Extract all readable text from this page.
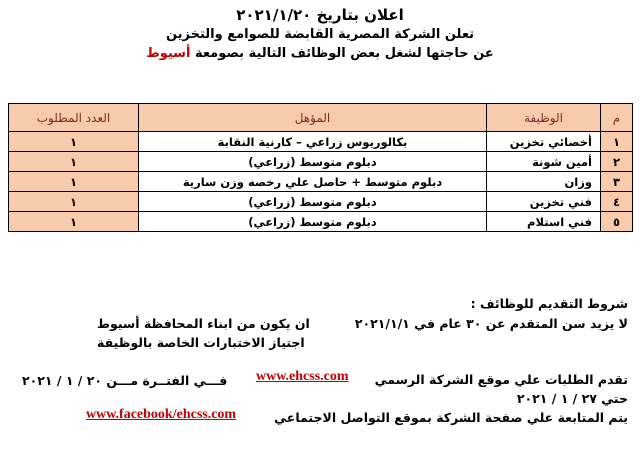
اعلان بتاريخ ٢٠٢١/١/٢٠
تعلن الشركة المصرية القابضة للصوامع والتخزين
عن حاجتها لشغل بعض الوظائف التالية بصومعة أسيوط
م	الوظيفة	المؤهل	العدد المطلوب
١	أخصائي تخزين	بكالوريوس زراعي – كارنية النقابة	١
٢	أمين شونة	دبلوم متوسط (زراعي)	١
٣	وزان	دبلوم متوسط + حاصل علي رخصه وزن سارية	١
٤	فني تخزين	دبلوم متوسط (زراعي)	١
٥	فني استلام	دبلوم متوسط (زراعي)	١
شروط التقديم للوظائف :
لا يزيد سن المتقدم عن ٣٠ عام في ٢٠٢١/١/١
ان يكون من ابناء المحافظة أسيوط
اجتياز الاختبارات الخاصة بالوظيفة
تقدم الطلبات علي موقع الشركة الرسمي
www.ehcss.com
فـــي الفتــرة مـــن ٢٠ / ١ / ٢٠٢١
حتي ٢٧ / ١ / ٢٠٢١
يتم المتابعة علي صفحة الشركة بموقع التواصل الاجتماعي
www.facebook/ehcss.com
